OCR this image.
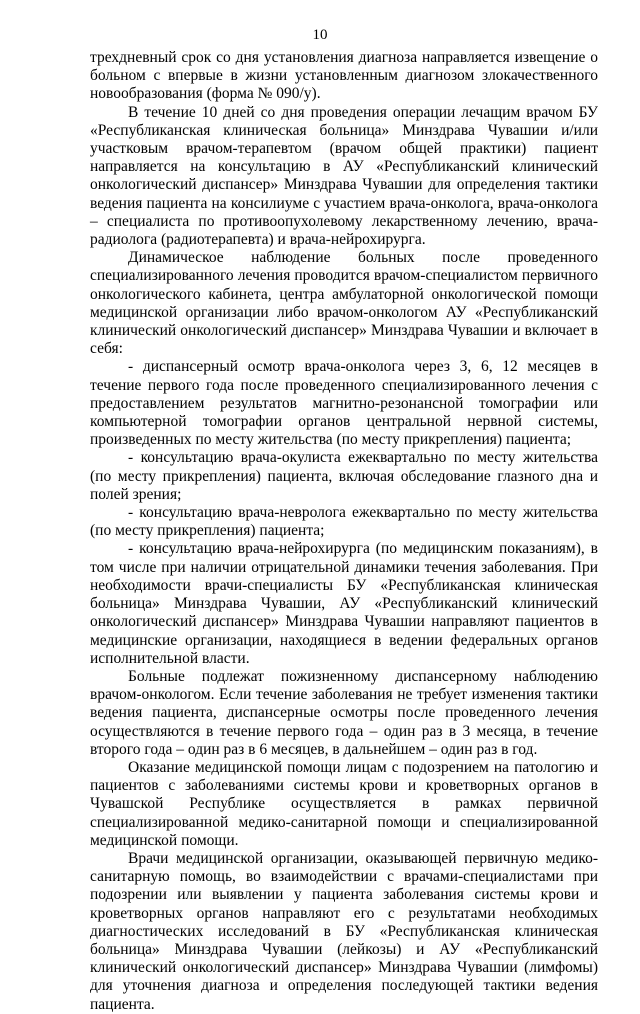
10

трехдневный срок со дня установления диагноза направляется извещение о больном с впервые в жизни установленным диагнозом злокачественного новообразования (форма № 090/у).

В течение 10 дней со дня проведения операции лечащим врачом БУ «Республиканская клиническая больница» Минздрава Чувашии и/или участковым врачом-терапевтом (врачом общей практики) пациент направляется на консультацию в АУ «Республиканский клинический онкологический диспансер» Минздрава Чувашии для определения тактики ведения пациента на консилиуме с участием врача-онколога, врача-онколога – специалиста по противоопухолевому лекарственному лечению, врача-радиолога (радиотерапевта) и врача-нейрохирурга.

Динамическое наблюдение больных после проведенного специализированного лечения проводится врачом-специалистом первичного онкологического кабинета, центра амбулаторной онкологической помощи медицинской организации либо врачом-онкологом АУ «Республиканский клинический онкологический диспансер» Минздрава Чувашии и включает в себя:

- диспансерный осмотр врача-онколога через 3, 6, 12 месяцев в течение первого года после проведенного специализированного лечения с предоставлением результатов магнитно-резонансной томографии или компьютерной томографии органов центральной нервной системы, произведенных по месту жительства (по месту прикрепления) пациента;

- консультацию врача-окулиста ежеквартально по месту жительства (по месту прикрепления) пациента, включая обследование глазного дна и полей зрения;

- консультацию врача-невролога ежеквартально по месту жительства (по месту прикрепления) пациента;

- консультацию врача-нейрохирурга (по медицинским показаниям), в том числе при наличии отрицательной динамики течения заболевания. При необходимости врачи-специалисты БУ «Республиканская клиническая больница» Минздрава Чувашии, АУ «Республиканский клинический онкологический диспансер» Минздрава Чувашии направляют пациентов в медицинские организации, находящиеся в ведении федеральных органов исполнительной власти.

Больные подлежат пожизненному диспансерному наблюдению врачом-онкологом. Если течение заболевания не требует изменения тактики ведения пациента, диспансерные осмотры после проведенного лечения осуществляются в течение первого года – один раз в 3 месяца, в течение второго года – один раз в 6 месяцев, в дальнейшем – один раз в год.

Оказание медицинской помощи лицам с подозрением на патологию и пациентов с заболеваниями системы крови и кроветворных органов в Чувашской Республике осуществляется в рамках первичной специализированной медико-санитарной помощи и специализированной медицинской помощи.

Врачи медицинской организации, оказывающей первичную медико-санитарную помощь, во взаимодействии с врачами-специалистами при подозрении или выявлении у пациента заболевания системы крови и кроветворных органов направляют его с результатами необходимых диагностических исследований в БУ «Республиканская клиническая больница» Минздрава Чувашии (лейкозы) и АУ «Республиканский клинический онкологический диспансер» Минздрава Чувашии (лимфомы) для уточнения диагноза и определения последующей тактики ведения пациента.
